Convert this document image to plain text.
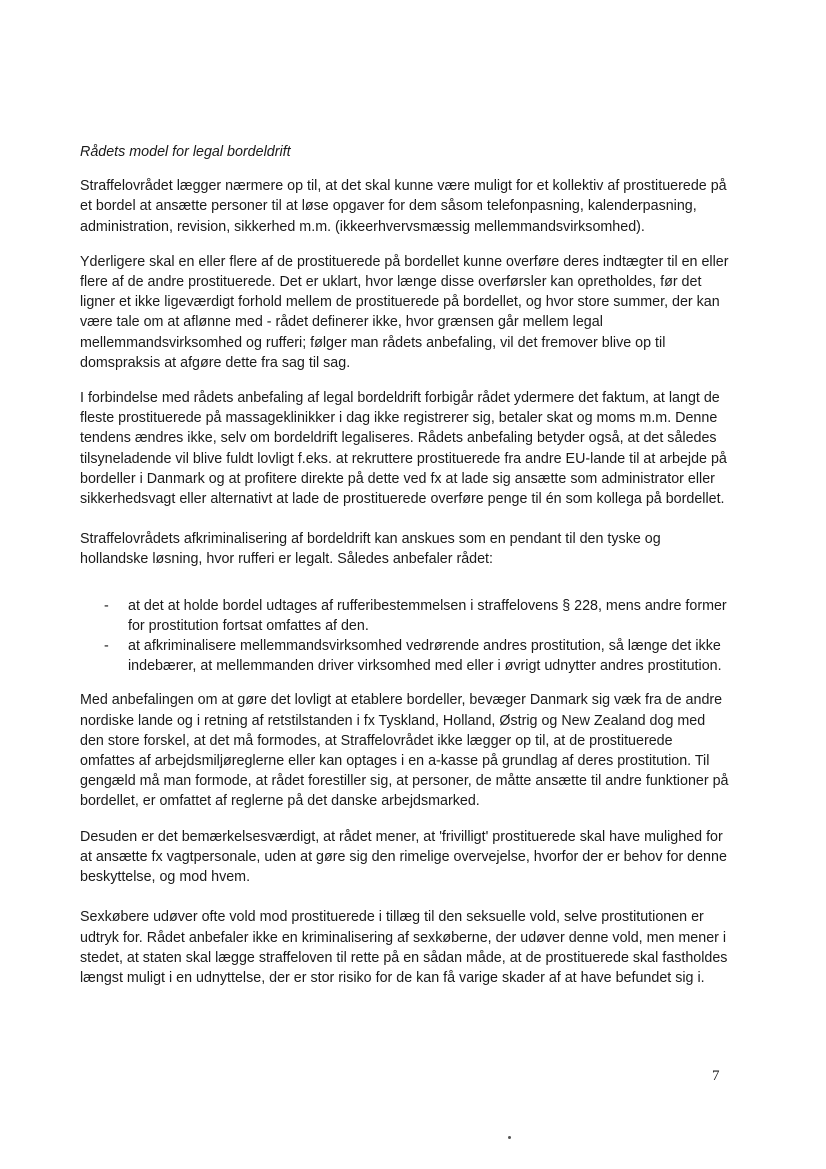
Rådets model for legal bordeldrift

Straffelovrådet lægger nærmere op til, at det skal kunne være muligt for et kollektiv af prostituerede på et bordel at ansætte personer til at løse opgaver for dem såsom telefonpasning, kalenderpasning, administration, revision, sikkerhed m.m. (ikkeerhvervsmæssig mellemmandsvirksomhed).

Yderligere skal en eller flere af de prostituerede på bordellet kunne overføre deres indtægter til en eller flere af de andre prostituerede. Det er uklart, hvor længe disse overførsler kan opretholdes, før det ligner et ikke ligeværdigt forhold mellem de prostituerede på bordellet, og hvor store summer, der kan være tale om at aflønne med - rådet definerer ikke, hvor grænsen går mellem legal mellemmandsvirksomhed og rufferi; følger man rådets anbefaling, vil det fremover blive op til domspraksis at afgøre dette fra sag til sag.

I forbindelse med rådets anbefaling af legal bordeldrift forbigår rådet ydermere det faktum, at langt de fleste prostituerede på massageklinikker i dag ikke registrerer sig, betaler skat og moms m.m. Denne tendens ændres ikke, selv om bordeldrift legaliseres. Rådets anbefaling betyder også, at det således tilsyneladende vil blive fuldt lovligt f.eks. at rekruttere prostituerede fra andre EU-lande til at arbejde på bordeller i Danmark og at profitere direkte på dette ved fx at lade sig ansætte som administrator eller sikkerhedsvagt eller alternativt at lade de prostituerede overføre penge til én som kollega på bordellet.

Straffelovrådets afkriminalisering af bordeldrift kan anskues som en pendant til den tyske og hollandske løsning, hvor rufferi er legalt. Således anbefaler rådet:

- at det at holde bordel udtages af rufferibestemmelsen i straffelovens § 228, mens andre former for prostitution fortsat omfattes af den.
- at afkriminalisere mellemmandsvirksomhed vedrørende andres prostitution, så længe det ikke indebærer, at mellemmanden driver virksomhed med eller i øvrigt udnytter andres prostitution.

Med anbefalingen om at gøre det lovligt at etablere bordeller, bevæger Danmark sig væk fra de andre nordiske lande og i retning af retstilstanden i fx Tyskland, Holland, Østrig og New Zealand dog med den store forskel, at det må formodes, at Straffelovrådet ikke lægger op til, at de prostituerede omfattes af arbejdsmiljøreglerne eller kan optages i en a-kasse på grundlag af deres prostitution. Til gengæld må man formode, at rådet forestiller sig, at personer, de måtte ansætte til andre funktioner på bordellet, er omfattet af reglerne på det danske arbejdsmarked.

Desuden er det bemærkelsesværdigt, at rådet mener, at 'frivilligt' prostituerede skal have mulighed for at ansætte fx vagtpersonale, uden at gøre sig den rimelige overvejelse, hvorfor der er behov for denne beskyttelse, og mod hvem.

Sexkøbere udøver ofte vold mod prostituerede i tillæg til den seksuelle vold, selve prostitutionen er udtryk for. Rådet anbefaler ikke en kriminalisering af sexkøberne, der udøver denne vold, men mener i stedet, at staten skal lægge straffeloven til rette på en sådan måde, at de prostituerede skal fastholdes længst muligt i en udnyttelse, der er stor risiko for de kan få varige skader af at have befundet sig i.

7
